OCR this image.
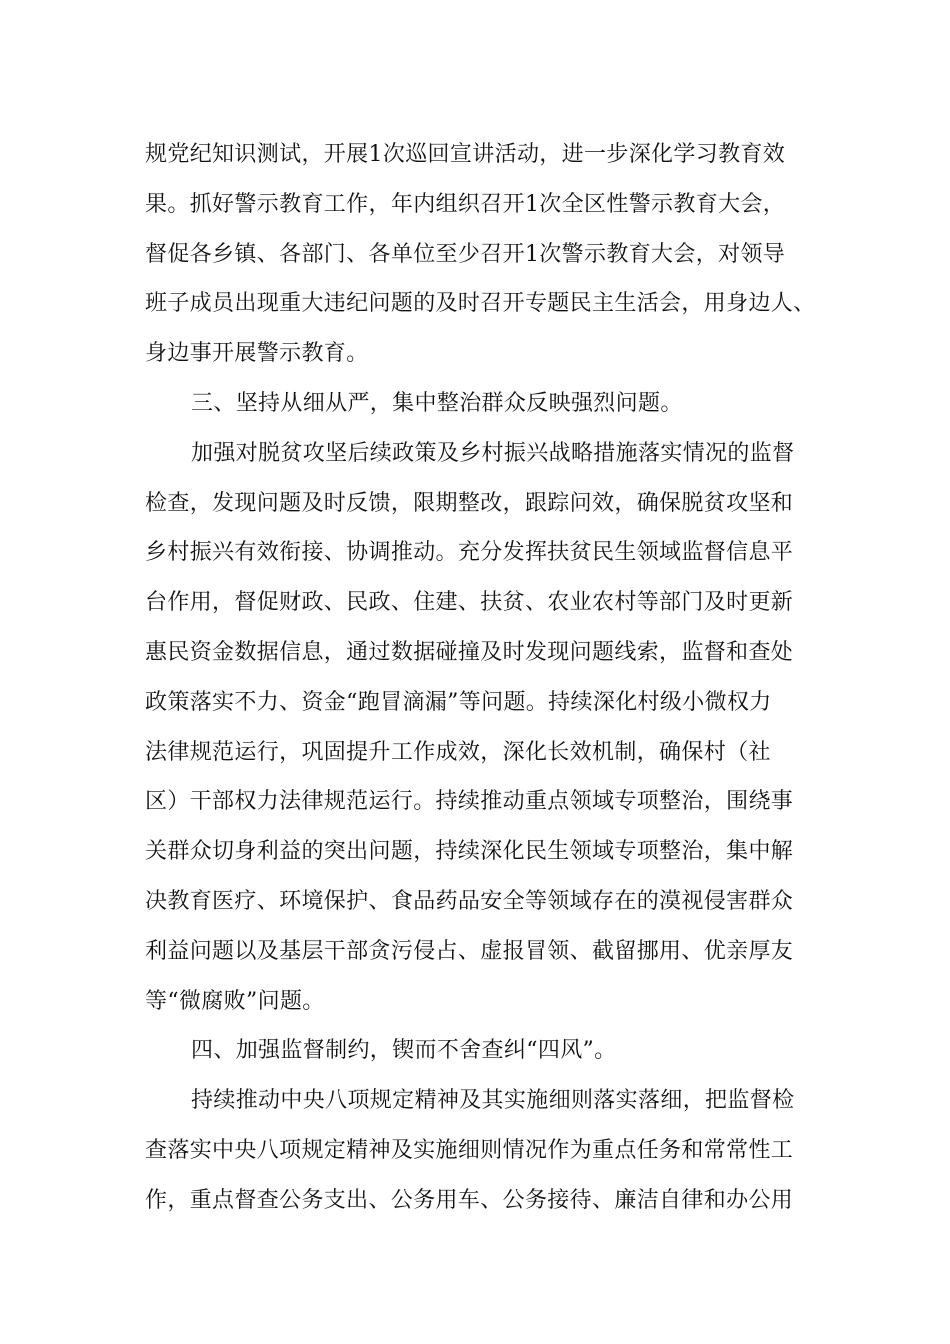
规党纪知识测试，开展1次巡回宣讲活动，进一步深化学习教育效
果。抓好警示教育工作，年内组织召开1次全区性警示教育大会，
督促各乡镇、各部门、各单位至少召开1次警示教育大会，对领导
班子成员出现重大违纪问题的及时召开专题民主生活会，用身边人、
身边事开展警示教育。
三、坚持从细从严，集中整治群众反映强烈问题。
加强对脱贫攻坚后续政策及乡村振兴战略措施落实情况的监督
检查，发现问题及时反馈，限期整改，跟踪问效，确保脱贫攻坚和
乡村振兴有效衔接、协调推动。充分发挥扶贫民生领域监督信息平
台作用，督促财政、民政、住建、扶贫、农业农村等部门及时更新
惠民资金数据信息，通过数据碰撞及时发现问题线索，监督和查处
政策落实不力、资金“跑冒滴漏”等问题。持续深化村级小微权力
法律规范运行，巩固提升工作成效，深化长效机制，确保村（社
区）干部权力法律规范运行。持续推动重点领域专项整治，围绕事
关群众切身利益的突出问题，持续深化民生领域专项整治，集中解
决教育医疗、环境保护、食品药品安全等领域存在的漠视侵害群众
利益问题以及基层干部贪污侵占、虚报冒领、截留挪用、优亲厚友
等“微腐败”问题。
四、加强监督制约，锲而不舍查纠“四风”。
持续推动中央八项规定精神及其实施细则落实落细，把监督检
查落实中央八项规定精神及实施细则情况作为重点任务和常常性工
作，重点督查公务支出、公务用车、公务接待、廉洁自律和办公用
